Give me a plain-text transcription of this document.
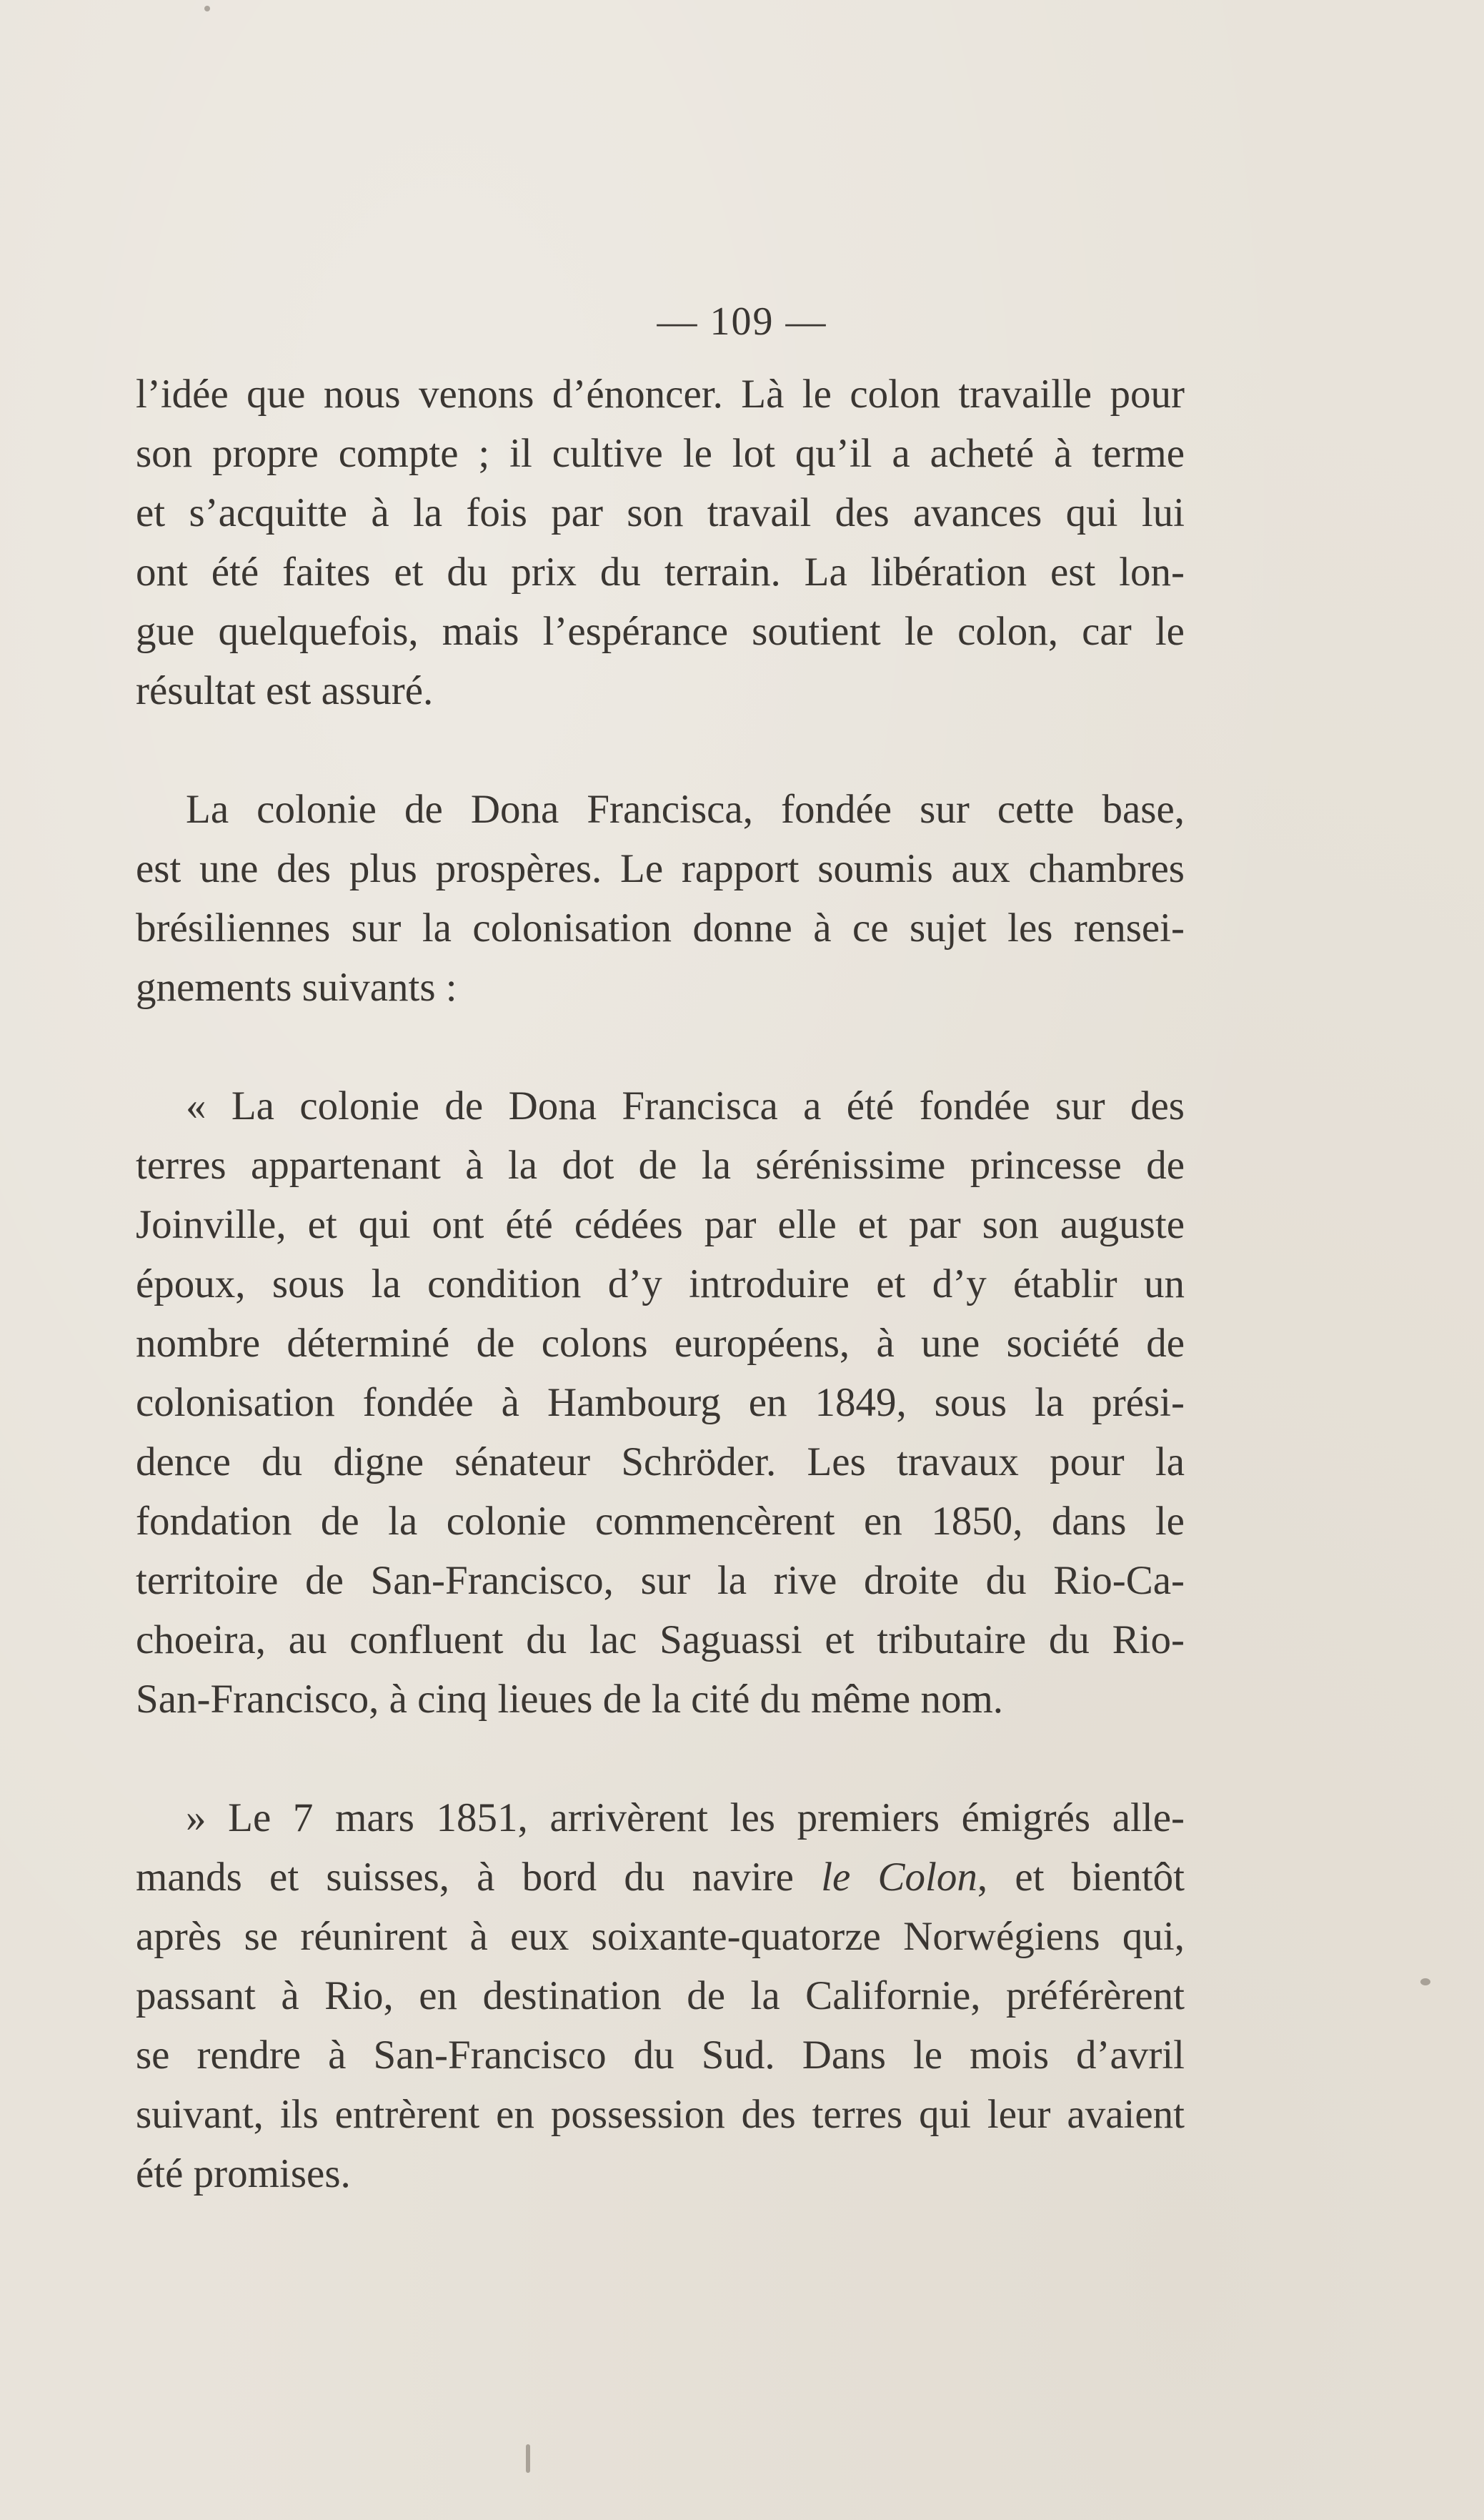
— 109 —

l’idée que nous venons d’énoncer. Là le colon travaille pour
son propre compte ; il cultive le lot qu’il a acheté à terme
et s’acquitte à la fois par son travail des avances qui lui
ont été faites et du prix du terrain. La libération est lon-
gue quelquefois, mais l’espérance soutient le colon, car le
résultat est assuré.

La colonie de Dona Francisca, fondée sur cette base,
est une des plus prospères. Le rapport soumis aux chambres
brésiliennes sur la colonisation donne à ce sujet les rensei-
gnements suivants :

« La colonie de Dona Francisca a été fondée sur des
terres appartenant à la dot de la sérénissime princesse de
Joinville, et qui ont été cédées par elle et par son auguste
époux, sous la condition d’y introduire et d’y établir un
nombre déterminé de colons européens, à une société de
colonisation fondée à Hambourg en 1849, sous la prési-
dence du digne sénateur Schröder. Les travaux pour la
fondation de la colonie commencèrent en 1850, dans le
territoire de San-Francisco, sur la rive droite du Rio-Ca-
choeira, au confluent du lac Saguassi et tributaire du Rio-
San-Francisco, à cinq lieues de la cité du même nom.

» Le 7 mars 1851, arrivèrent les premiers émigrés alle-
mands et suisses, à bord du navire le Colon, et bientôt
après se réunirent à eux soixante-quatorze Norwégiens qui,
passant à Rio, en destination de la Californie, préférèrent
se rendre à San-Francisco du Sud. Dans le mois d’avril
suivant, ils entrèrent en possession des terres qui leur avaient
été promises.
